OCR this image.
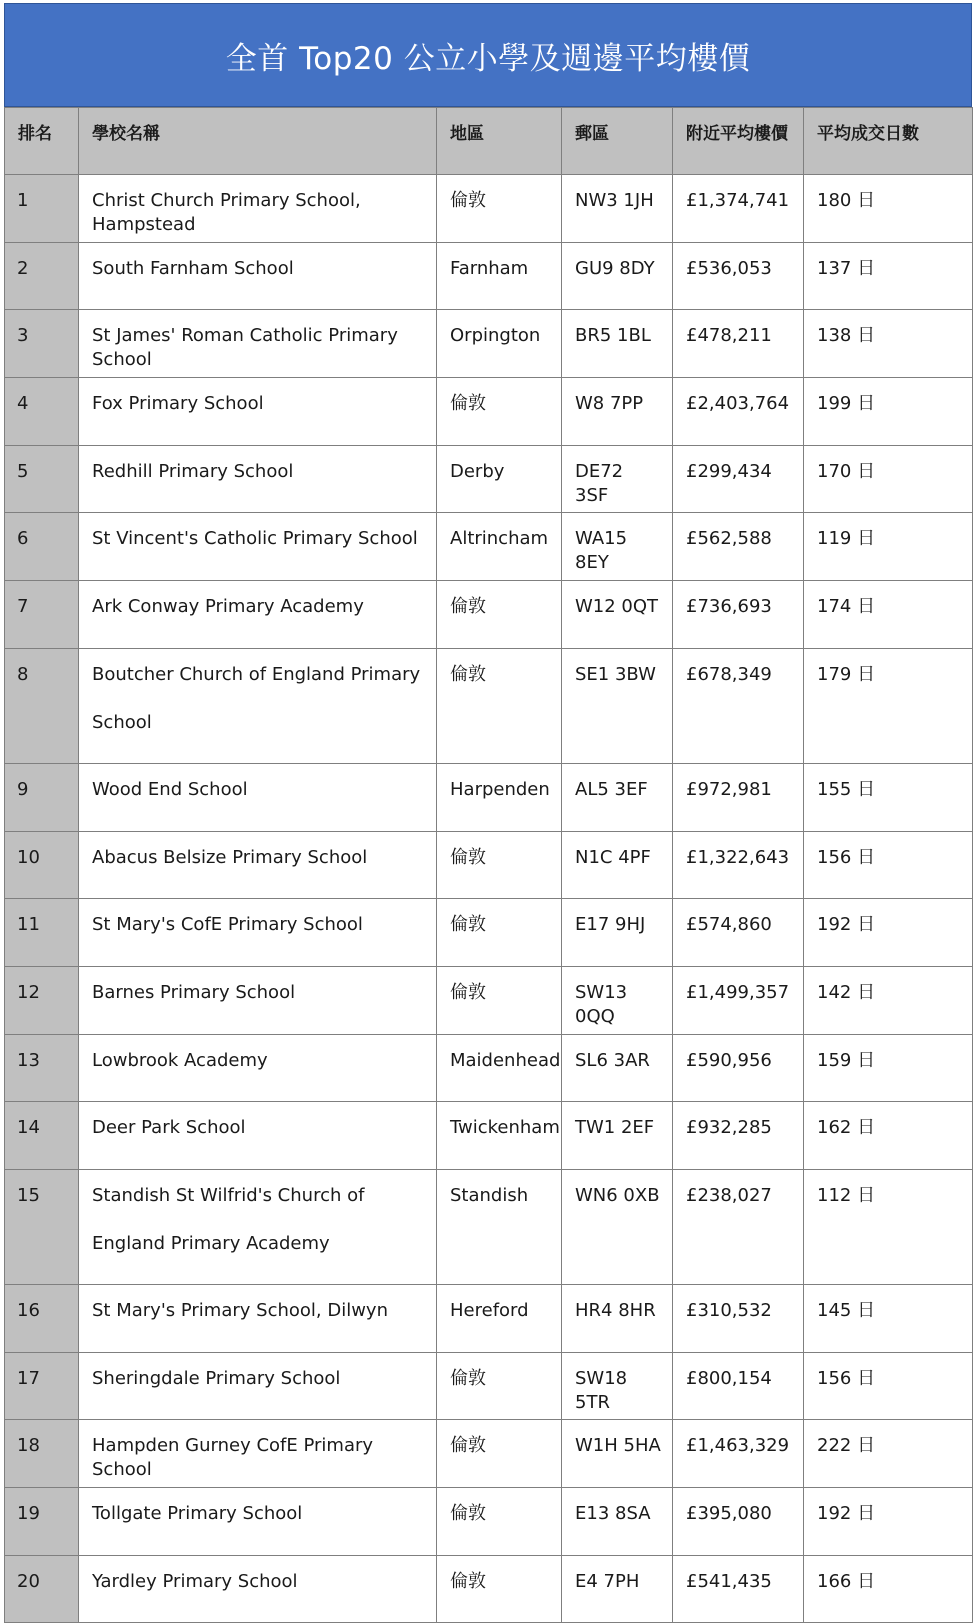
全首 Top20 公立小學及週邊平均樓價
排名	學校名稱	地區	郵區	附近平均樓價	平均成交日數
1	Christ Church Primary School, Hampstead	倫敦	NW3 1JH	£1,374,741	180 日
2	South Farnham School	Farnham	GU9 8DY	£536,053	137 日
3	St James' Roman Catholic Primary School	Orpington	BR5 1BL	£478,211	138 日
4	Fox Primary School	倫敦	W8 7PP	£2,403,764	199 日
5	Redhill Primary School	Derby	DE72 3SF	£299,434	170 日
6	St Vincent's Catholic Primary School	Altrincham	WA15 8EY	£562,588	119 日
7	Ark Conway Primary Academy	倫敦	W12 0QT	£736,693	174 日
8	Boutcher Church of England Primary School	倫敦	SE1 3BW	£678,349	179 日
9	Wood End School	Harpenden	AL5 3EF	£972,981	155 日
10	Abacus Belsize Primary School	倫敦	N1C 4PF	£1,322,643	156 日
11	St Mary's CofE Primary School	倫敦	E17 9HJ	£574,860	192 日
12	Barnes Primary School	倫敦	SW13 0QQ	£1,499,357	142 日
13	Lowbrook Academy	Maidenhead	SL6 3AR	£590,956	159 日
14	Deer Park School	Twickenham	TW1 2EF	£932,285	162 日
15	Standish St Wilfrid's Church of England Primary Academy	Standish	WN6 0XB	£238,027	112 日
16	St Mary's Primary School, Dilwyn	Hereford	HR4 8HR	£310,532	145 日
17	Sheringdale Primary School	倫敦	SW18 5TR	£800,154	156 日
18	Hampden Gurney CofE Primary School	倫敦	W1H 5HA	£1,463,329	222 日
19	Tollgate Primary School	倫敦	E13 8SA	£395,080	192 日
20	Yardley Primary School	倫敦	E4 7PH	£541,435	166 日
